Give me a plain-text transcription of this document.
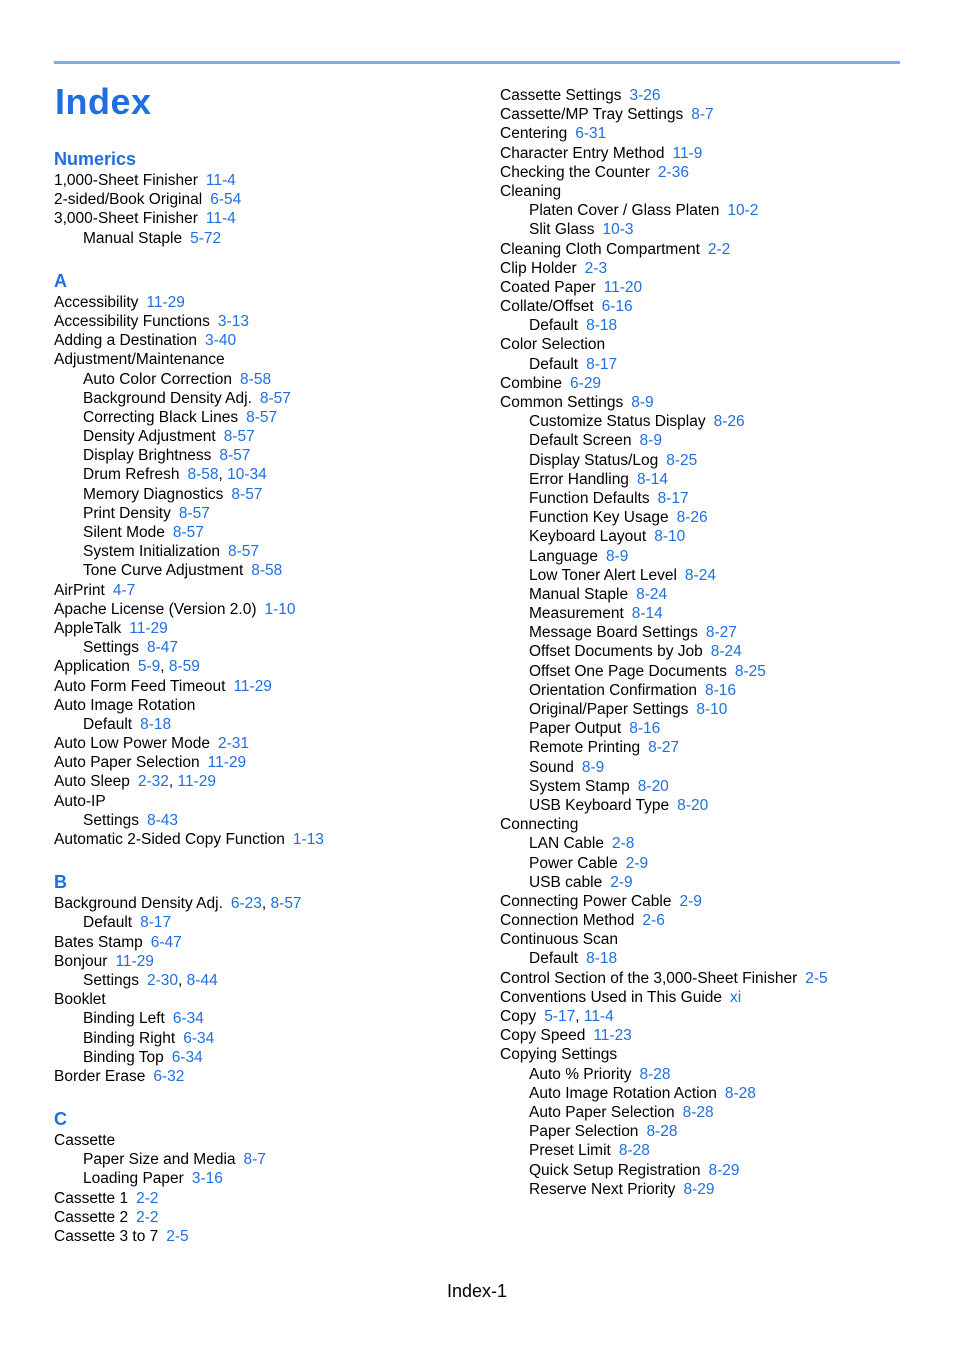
Index
Numerics
1,000-Sheet Finisher 11-4
2-sided/Book Original 6-54
3,000-Sheet Finisher 11-4
Manual Staple 5-72
A
Accessibility 11-29
Accessibility Functions 3-13
Adding a Destination 3-40
Adjustment/Maintenance
Auto Color Correction 8-58
Background Density Adj. 8-57
Correcting Black Lines 8-57
Density Adjustment 8-57
Display Brightness 8-57
Drum Refresh 8-58, 10-34
Memory Diagnostics 8-57
Print Density 8-57
Silent Mode 8-57
System Initialization 8-57
Tone Curve Adjustment 8-58
AirPrint 4-7
Apache License (Version 2.0) 1-10
AppleTalk 11-29
Settings 8-47
Application 5-9, 8-59
Auto Form Feed Timeout 11-29
Auto Image Rotation
Default 8-18
Auto Low Power Mode 2-31
Auto Paper Selection 11-29
Auto Sleep 2-32, 11-29
Auto-IP
Settings 8-43
Automatic 2-Sided Copy Function 1-13
B
Background Density Adj. 6-23, 8-57
Default 8-17
Bates Stamp 6-47
Bonjour 11-29
Settings 2-30, 8-44
Booklet
Binding Left 6-34
Binding Right 6-34
Binding Top 6-34
Border Erase 6-32
C
Cassette
Paper Size and Media 8-7
Loading Paper 3-16
Cassette 1 2-2
Cassette 2 2-2
Cassette 3 to 7 2-5
Cassette Settings 3-26
Cassette/MP Tray Settings 8-7
Centering 6-31
Character Entry Method 11-9
Checking the Counter 2-36
Cleaning
Platen Cover / Glass Platen 10-2
Slit Glass 10-3
Cleaning Cloth Compartment 2-2
Clip Holder 2-3
Coated Paper 11-20
Collate/Offset 6-16
Default 8-18
Color Selection
Default 8-17
Combine 6-29
Common Settings 8-9
Customize Status Display 8-26
Default Screen 8-9
Display Status/Log 8-25
Error Handling 8-14
Function Defaults 8-17
Function Key Usage 8-26
Keyboard Layout 8-10
Language 8-9
Low Toner Alert Level 8-24
Manual Staple 8-24
Measurement 8-14
Message Board Settings 8-27
Offset Documents by Job 8-24
Offset One Page Documents 8-25
Orientation Confirmation 8-16
Original/Paper Settings 8-10
Paper Output 8-16
Remote Printing 8-27
Sound 8-9
System Stamp 8-20
USB Keyboard Type 8-20
Connecting
LAN Cable 2-8
Power Cable 2-9
USB cable 2-9
Connecting Power Cable 2-9
Connection Method 2-6
Continuous Scan
Default 8-18
Control Section of the 3,000-Sheet Finisher 2-5
Conventions Used in This Guide xi
Copy 5-17, 11-4
Copy Speed 11-23
Copying Settings
Auto % Priority 8-28
Auto Image Rotation Action 8-28
Auto Paper Selection 8-28
Paper Selection 8-28
Preset Limit 8-28
Quick Setup Registration 8-29
Reserve Next Priority 8-29
Index-1
